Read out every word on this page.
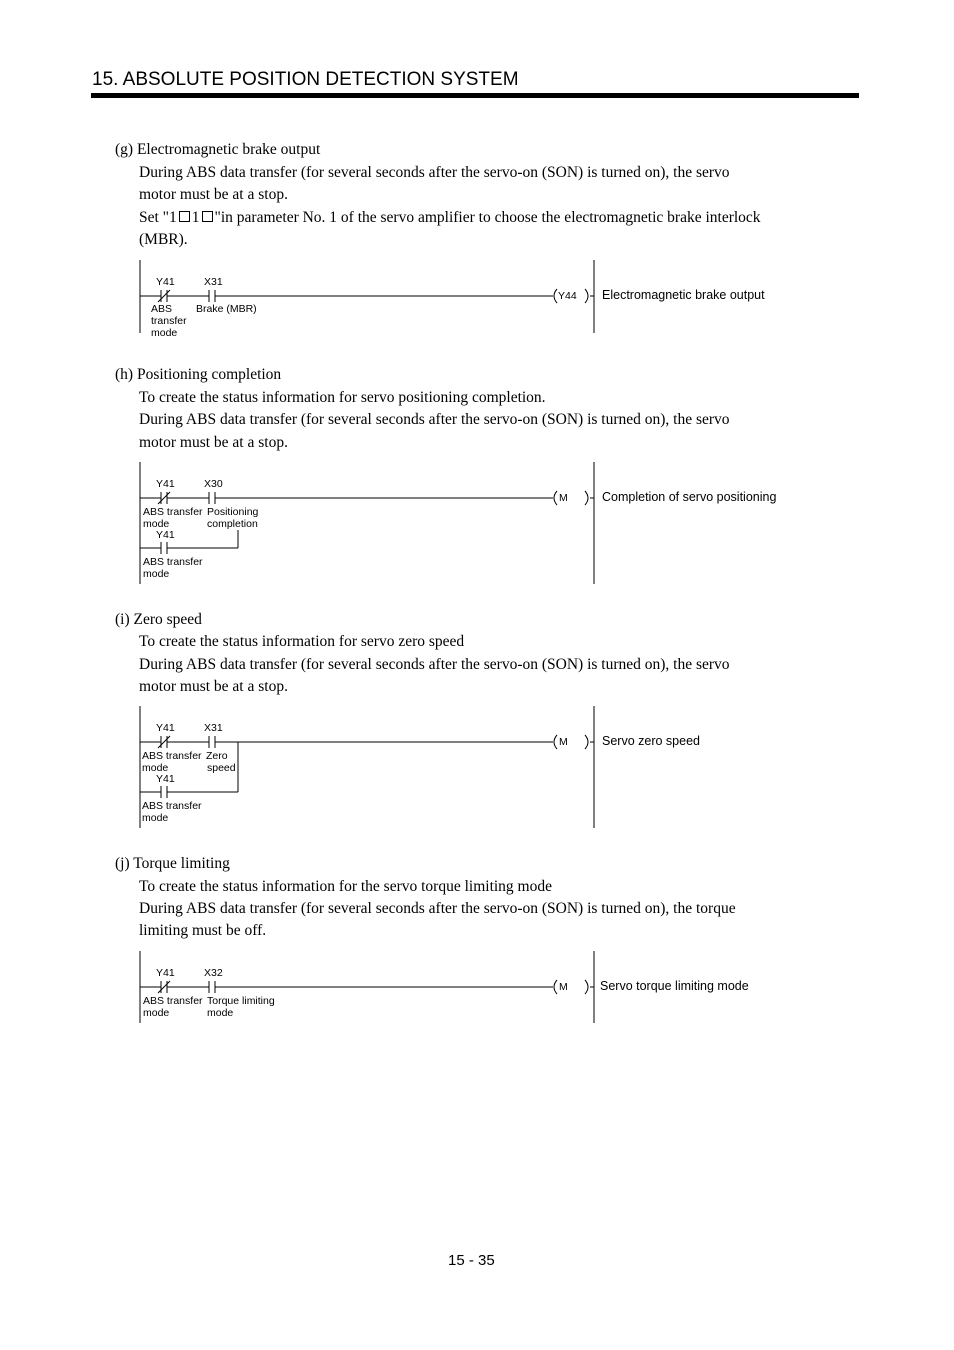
15. ABSOLUTE POSITION DETECTION SYSTEM
(g) Electromagnetic brake output
During ABS data transfer (for several seconds after the servo-on (SON) is turned on), the servo
motor must be at a stop.
Set "1 1 "in parameter No. 1 of the servo amplifier to choose the electromagnetic brake interlock
(MBR).
Y41	X31
ABS
transfer
mode
Brake (MBR)
Y44 Electromagnetic brake output
(h) Positioning completion
To create the status information for servo positioning completion.
During ABS data transfer (for several seconds after the servo-on (SON) is turned on), the servo
motor must be at a stop.
Y41	X30
ABS transfer
mode
Positioning
completion
Y41
ABS transfer
mode
M	Completion of servo positioning
(i) Zero speed
To create the status information for servo zero speed
During ABS data transfer (for several seconds after the servo-on (SON) is turned on), the servo
motor must be at a stop.
Y41	X31
ABS transfer
mode
Zero
speed
Y41
ABS transfer
mode
M	Servo zero speed
(j) Torque limiting
To create the status information for the servo torque limiting mode
During ABS data transfer (for several seconds after the servo-on (SON) is turned on), the torque
limiting must be off.
Y41	X32
ABS transfer
mode
Torque limiting
mode
M	Servo torque limiting mode
15 - 35
